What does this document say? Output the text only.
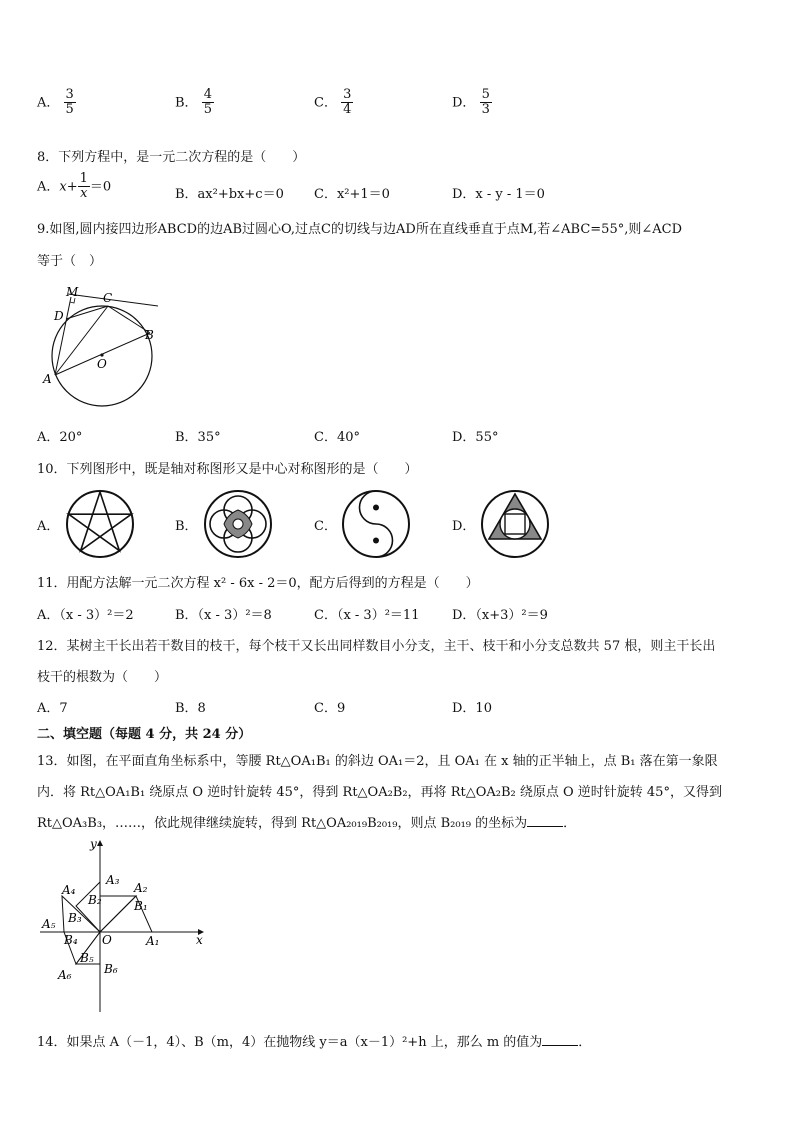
A． $\frac{3}{5}$	B． $\frac{4}{5}$	C． $\frac{3}{4}$	D． $\frac{5}{3}$
8．下列方程中，是一元二次方程的是（　　）
A．$x+ \frac{1}{x} =0$
B．ax²+bx+c＝0 C．x²+1＝0	D．x - y - 1＝0
9.如图,圆内接四边形ABCD的边AB过圆心O,过点C的切线与边AD所在直线垂直于点M,若∠ABC=55°,则∠ACD
等于（　）
M
D
C
B
A
O
A．20°	B．35°	C．40°	D．55°
10．下列图形中，既是轴对称图形又是中心对称图形的是（　　）
A．	B．	C．	D．
11．用配方法解一元二次方程 x² - 6x - 2＝0，配方后得到的方程是（　　）
A．（x - 3）²＝2	B．（x - 3）²＝8	C．（x - 3）²＝11	D．（x+3）²＝9
12．某树主干长出若干数目的枝干，每个枝干又长出同样数目小分支，主干、枝干和小分支总数共 57 根，则主干长出
枝干的根数为（　　）
A．7	B．8	C．9	D．10
二、填空题（每题 4 分，共 24 分）
13．如图，在平面直角坐标系中，等腰 Rt△OA₁B₁ 的斜边 OA₁＝2，且 OA₁ 在 x 轴的正半轴上，点 B₁ 落在第一象限
内．将 Rt△OA₁B₁ 绕原点 O 逆时针旋转 45°，得到 Rt△OA₂B₂，再将 Rt△OA₂B₂ 绕原点 O 逆时针旋转 45°，又得到
Rt△OA₃B₃，……，依此规律继续旋转，得到 Rt△OA₂₀₁₉B₂₀₁₉，则点 B₂₀₁₉ 的坐标为	．
y
x
O	A₁
B₁
A₂
B₂
A₃
B₃
A₄
B₄
A₅
B₅
A₆	B₆
14．如果点 A（－1，4）、B（m，4）在抛物线 y＝a（x－1）²+h 上，那么 m 的值为	．
